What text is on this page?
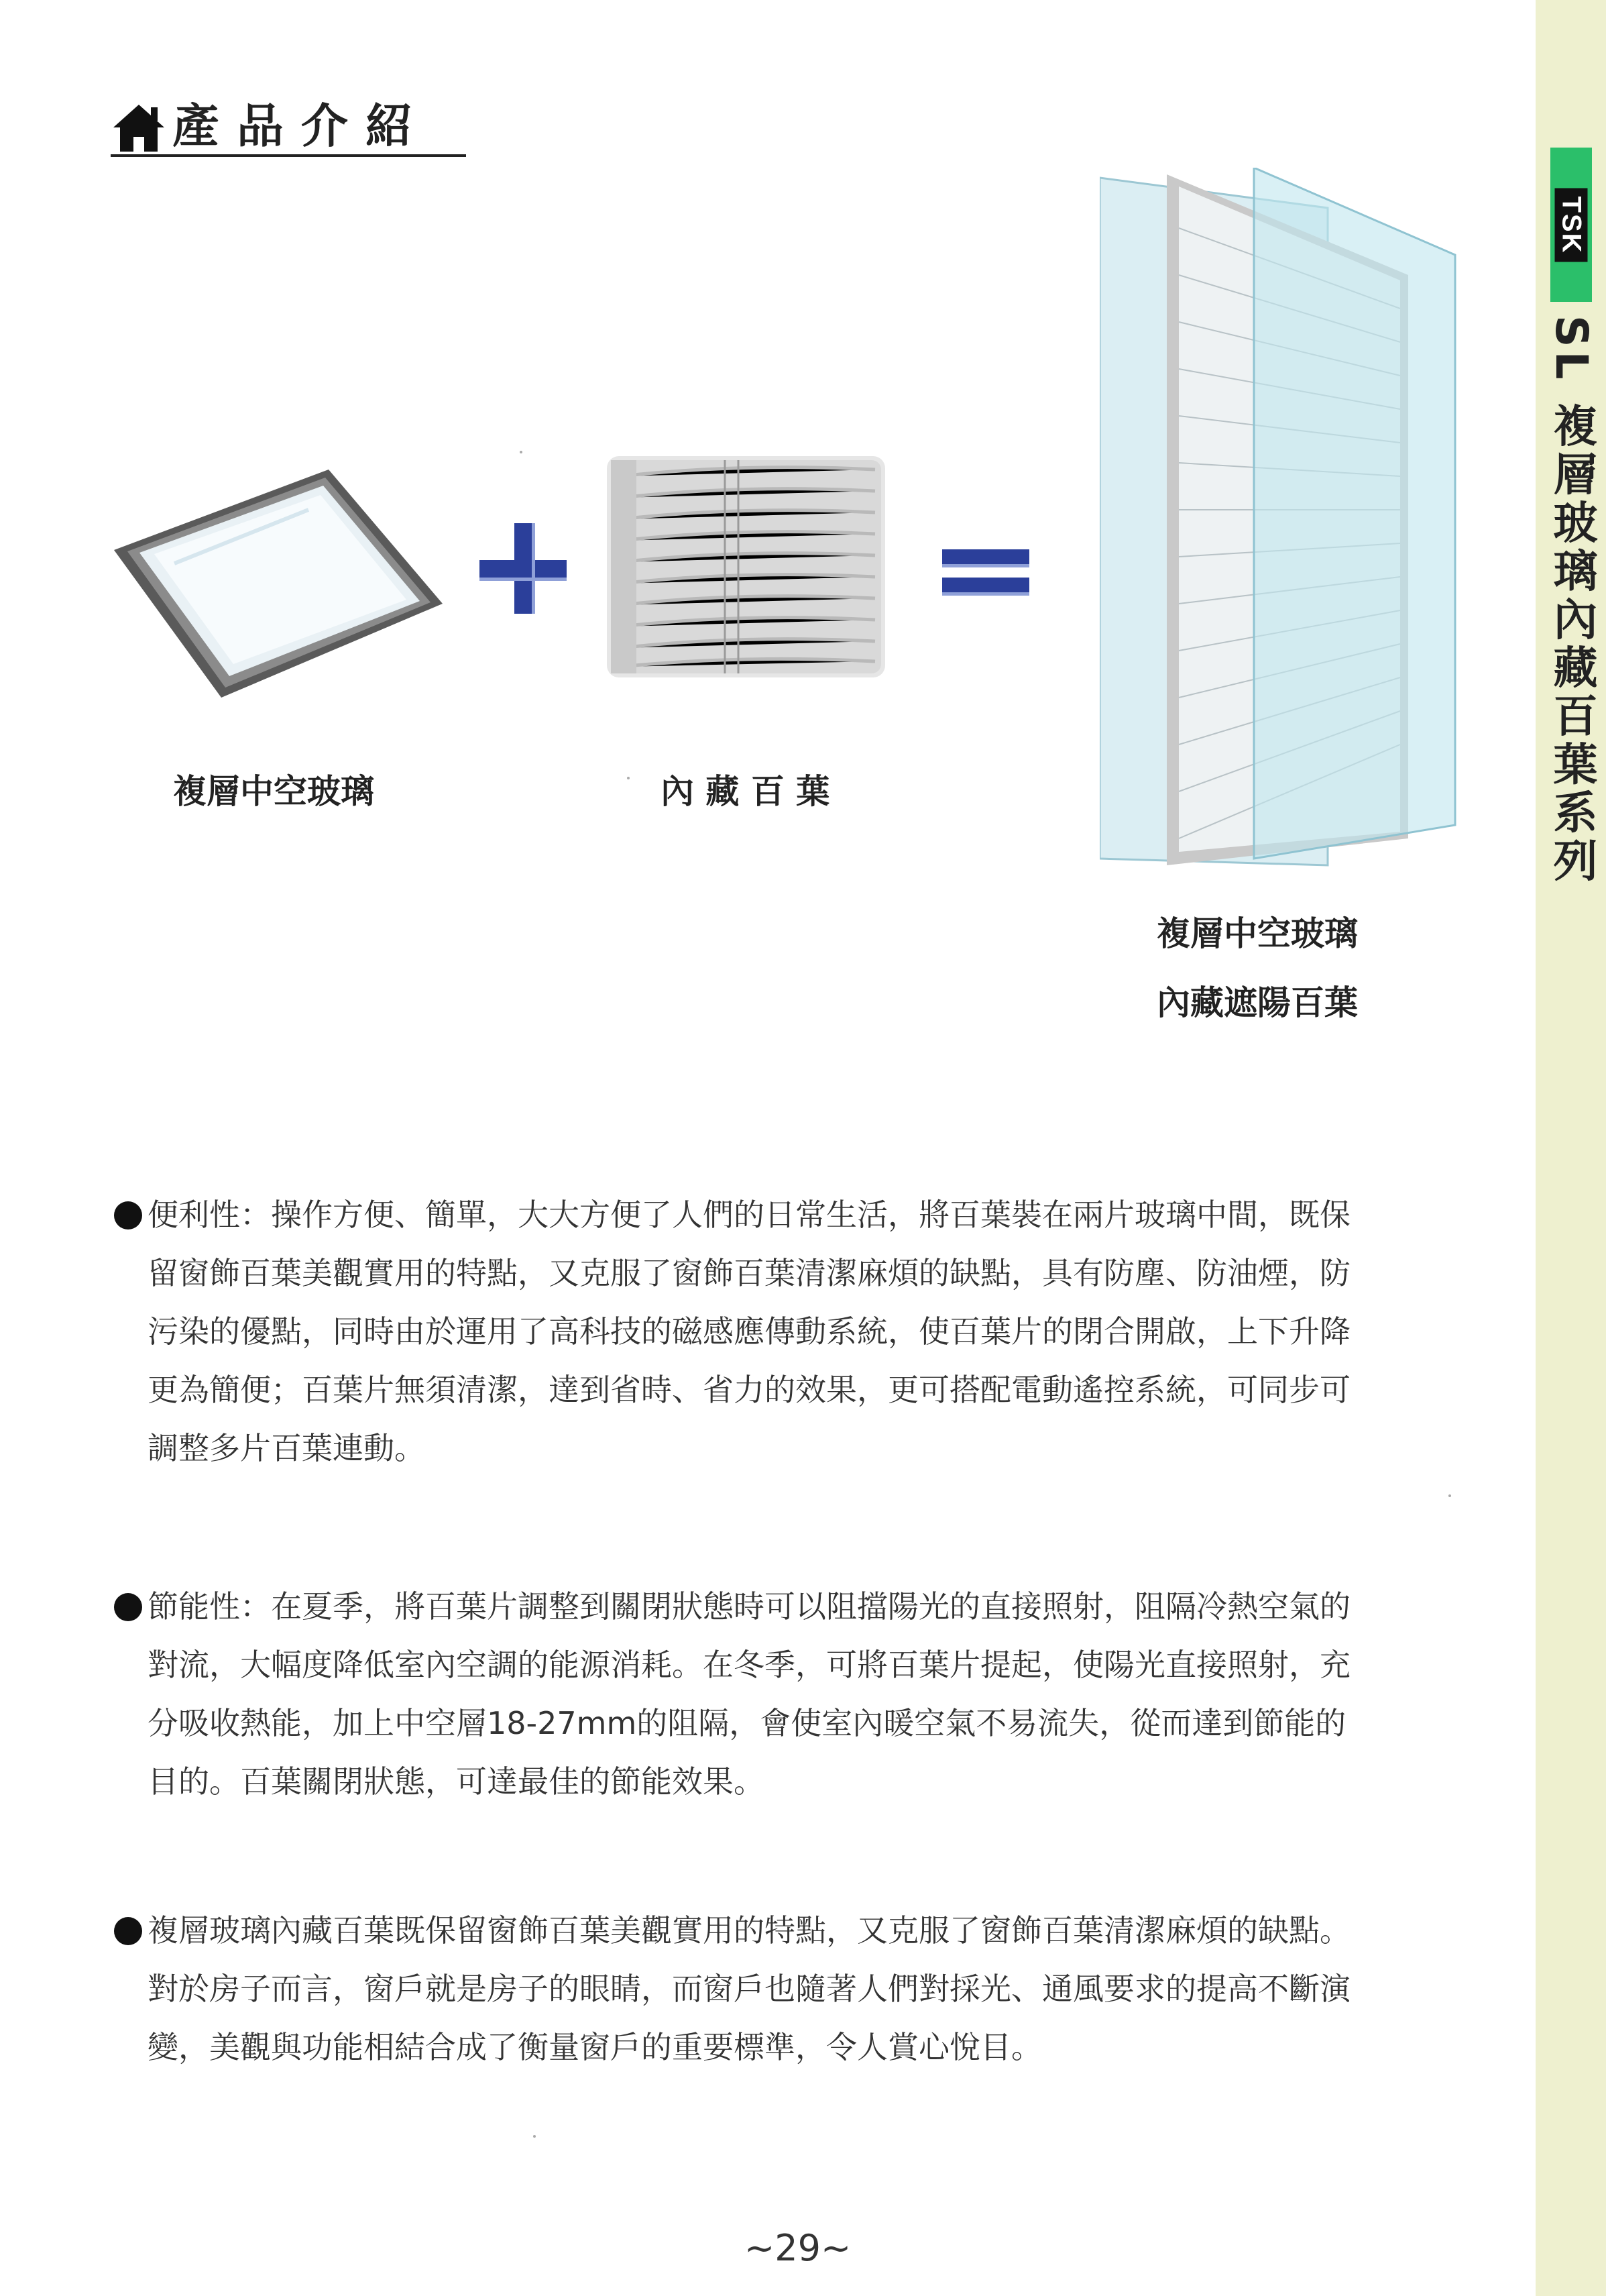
TSK
SL 複層玻璃內藏百葉系列
產品介紹
複層中空玻璃	內 藏 百 葉
複層中空玻璃
內藏遮陽百葉
便利性：操作方便、簡單，大大方便了人們的日常生活，將百葉裝在兩片玻璃中間，既保
留窗飾百葉美觀實用的特點，又克服了窗飾百葉清潔麻煩的缺點，具有防塵、防油煙，防
污染的優點，同時由於運用了高科技的磁感應傳動系統，使百葉片的閉合開啟，上下升降
更為簡便；百葉片無須清潔，達到省時、省力的效果，更可搭配電動遙控系統，可同步可
調整多片百葉連動。
節能性：在夏季，將百葉片調整到關閉狀態時可以阻擋陽光的直接照射，阻隔冷熱空氣的
對流，大幅度降低室內空調的能源消耗。在冬季，可將百葉片提起，使陽光直接照射，充
分吸收熱能，加上中空層18-27mm的阻隔，會使室內暖空氣不易流失，從而達到節能的
目的。百葉關閉狀態，可達最佳的節能效果。
複層玻璃內藏百葉既保留窗飾百葉美觀實用的特點，又克服了窗飾百葉清潔麻煩的缺點。
對於房子而言，窗戶就是房子的眼睛，而窗戶也隨著人們對採光、通風要求的提高不斷演
變，美觀與功能相結合成了衡量窗戶的重要標準，令人賞心悅目。
~29~
